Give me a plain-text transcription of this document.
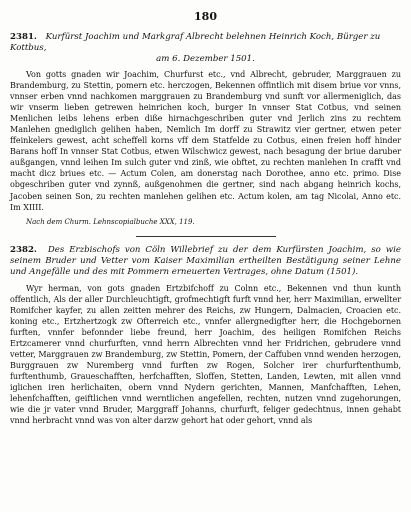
180

2381. Kurfürst Joachim und Markgraf Albrecht belehnen Heinrich Koch, Bürger zu Kottbus,

am 6. Dezember 1501.

Von gotts gnaden wir Joachim, Churfurst etc., vnd Albrecht, gebruder, Marggrauen zu Brandemburg, zu Stettin, pomern etc. herczogen, Bekennen offintlich mit disem briue vor vnns, vnnser erben vnnd nachkomen marggrauen zu Brandemburg vnd sunft vor allermeniglich, das wir vnserm lieben getrewen heinrichen koch, burger In vnnser Stat Cotbus, vnd seinen Menlichen leibs lehens erben diße hirnachgeschriben guter vnd Jerlich zins zu rechtem Manlehen gnediglich gelihen haben, Nemlich Im dorff zu Strawitz vier gertner, etwen peter ffeinkelers gewest, acht scheffell korns vff dem Statfelde zu Cotbus, einen freien hoff hinder Barans hoff In vnnser Stat Cotbus, etwen Wilschwicz gewest, nach besagung der briue daruber außgangen, vnnd leihen Im sulch guter vnd zinß, wie obftet, zu rechten manlehen In crafft vnd macht dicz briues etc. — Actum Colen, am donerstag nach Dorothee, anno etc. primo. Dise obgeschriben guter vnd zynnß, außgenohmen die gertner, sind nach abgang heinrich kochs, Jacoben seinen Son, zu rechten manlehen gelihen etc. Actum kolen, am tag Nicolai, Anno etc. Im XIIII.

Nach dem Churm. Lehnscopialbuche XXX, 119.

2382. Des Erzbischofs von Cöln Willebrief zu der dem Kurfürsten Joachim, so wie seinem Bruder und Vetter vom Kaiser Maximilian ertheilten Bestätigung seiner Lehne und Angefälle und des mit Pommern erneuerten Vertrages, ohne Datum (1501).

Wyr herman, von gots gnaden Ertzbifchoff zu Colnn etc., Bekennen vnd thun kunth offentlich, Als der aller Durchleuchtigft, grofmechtigft furft vnnd her, herr Maximilian, erwellter Romifcher kayfer, zu allen zeitten mehrer des Reichs, zw Hungern, Dalmacien, Croacien etc. koning etc., Ertzhertzogk zw Ofterreich etc., vnnfer allergnedigfter herr, die Hochgebornen furften, vnnfer befonnder liebe freund, herr Joachim, des heiligen Romifchen Reichs Ertzcamerer vnnd churfurften, vnnd herrn Albrechten vnnd her Fridrichen, gebrudere vnnd vetter, Marggrauen zw Brandemburg, zw Stettin, Pomern, der Caffuben vnnd wenden herzogen, Burggrauen zw Nuremberg vnnd furften zw Rogen, Solcher irer churfurftenthumb, furftenthumb, Graueschafften, herfchafften, Sloffen, Stetten, Landen, Lewten, mit allen vnnd iglichen iren herlichaiten, obern vnnd Nydern gerichten, Mannen, Manfchafften, Lehen, lehenfchafften, geiftlichen vnnd werntlichen angefellen, rechten, nutzen vnnd zugehorungen, wie die jr vater vnnd Bruder, Marggraff Johanns, churfurft, feliger gedechtnus, innen gehabt vnnd herbracht vnnd was von alter darzw gehort hat oder gehort, vnnd als
